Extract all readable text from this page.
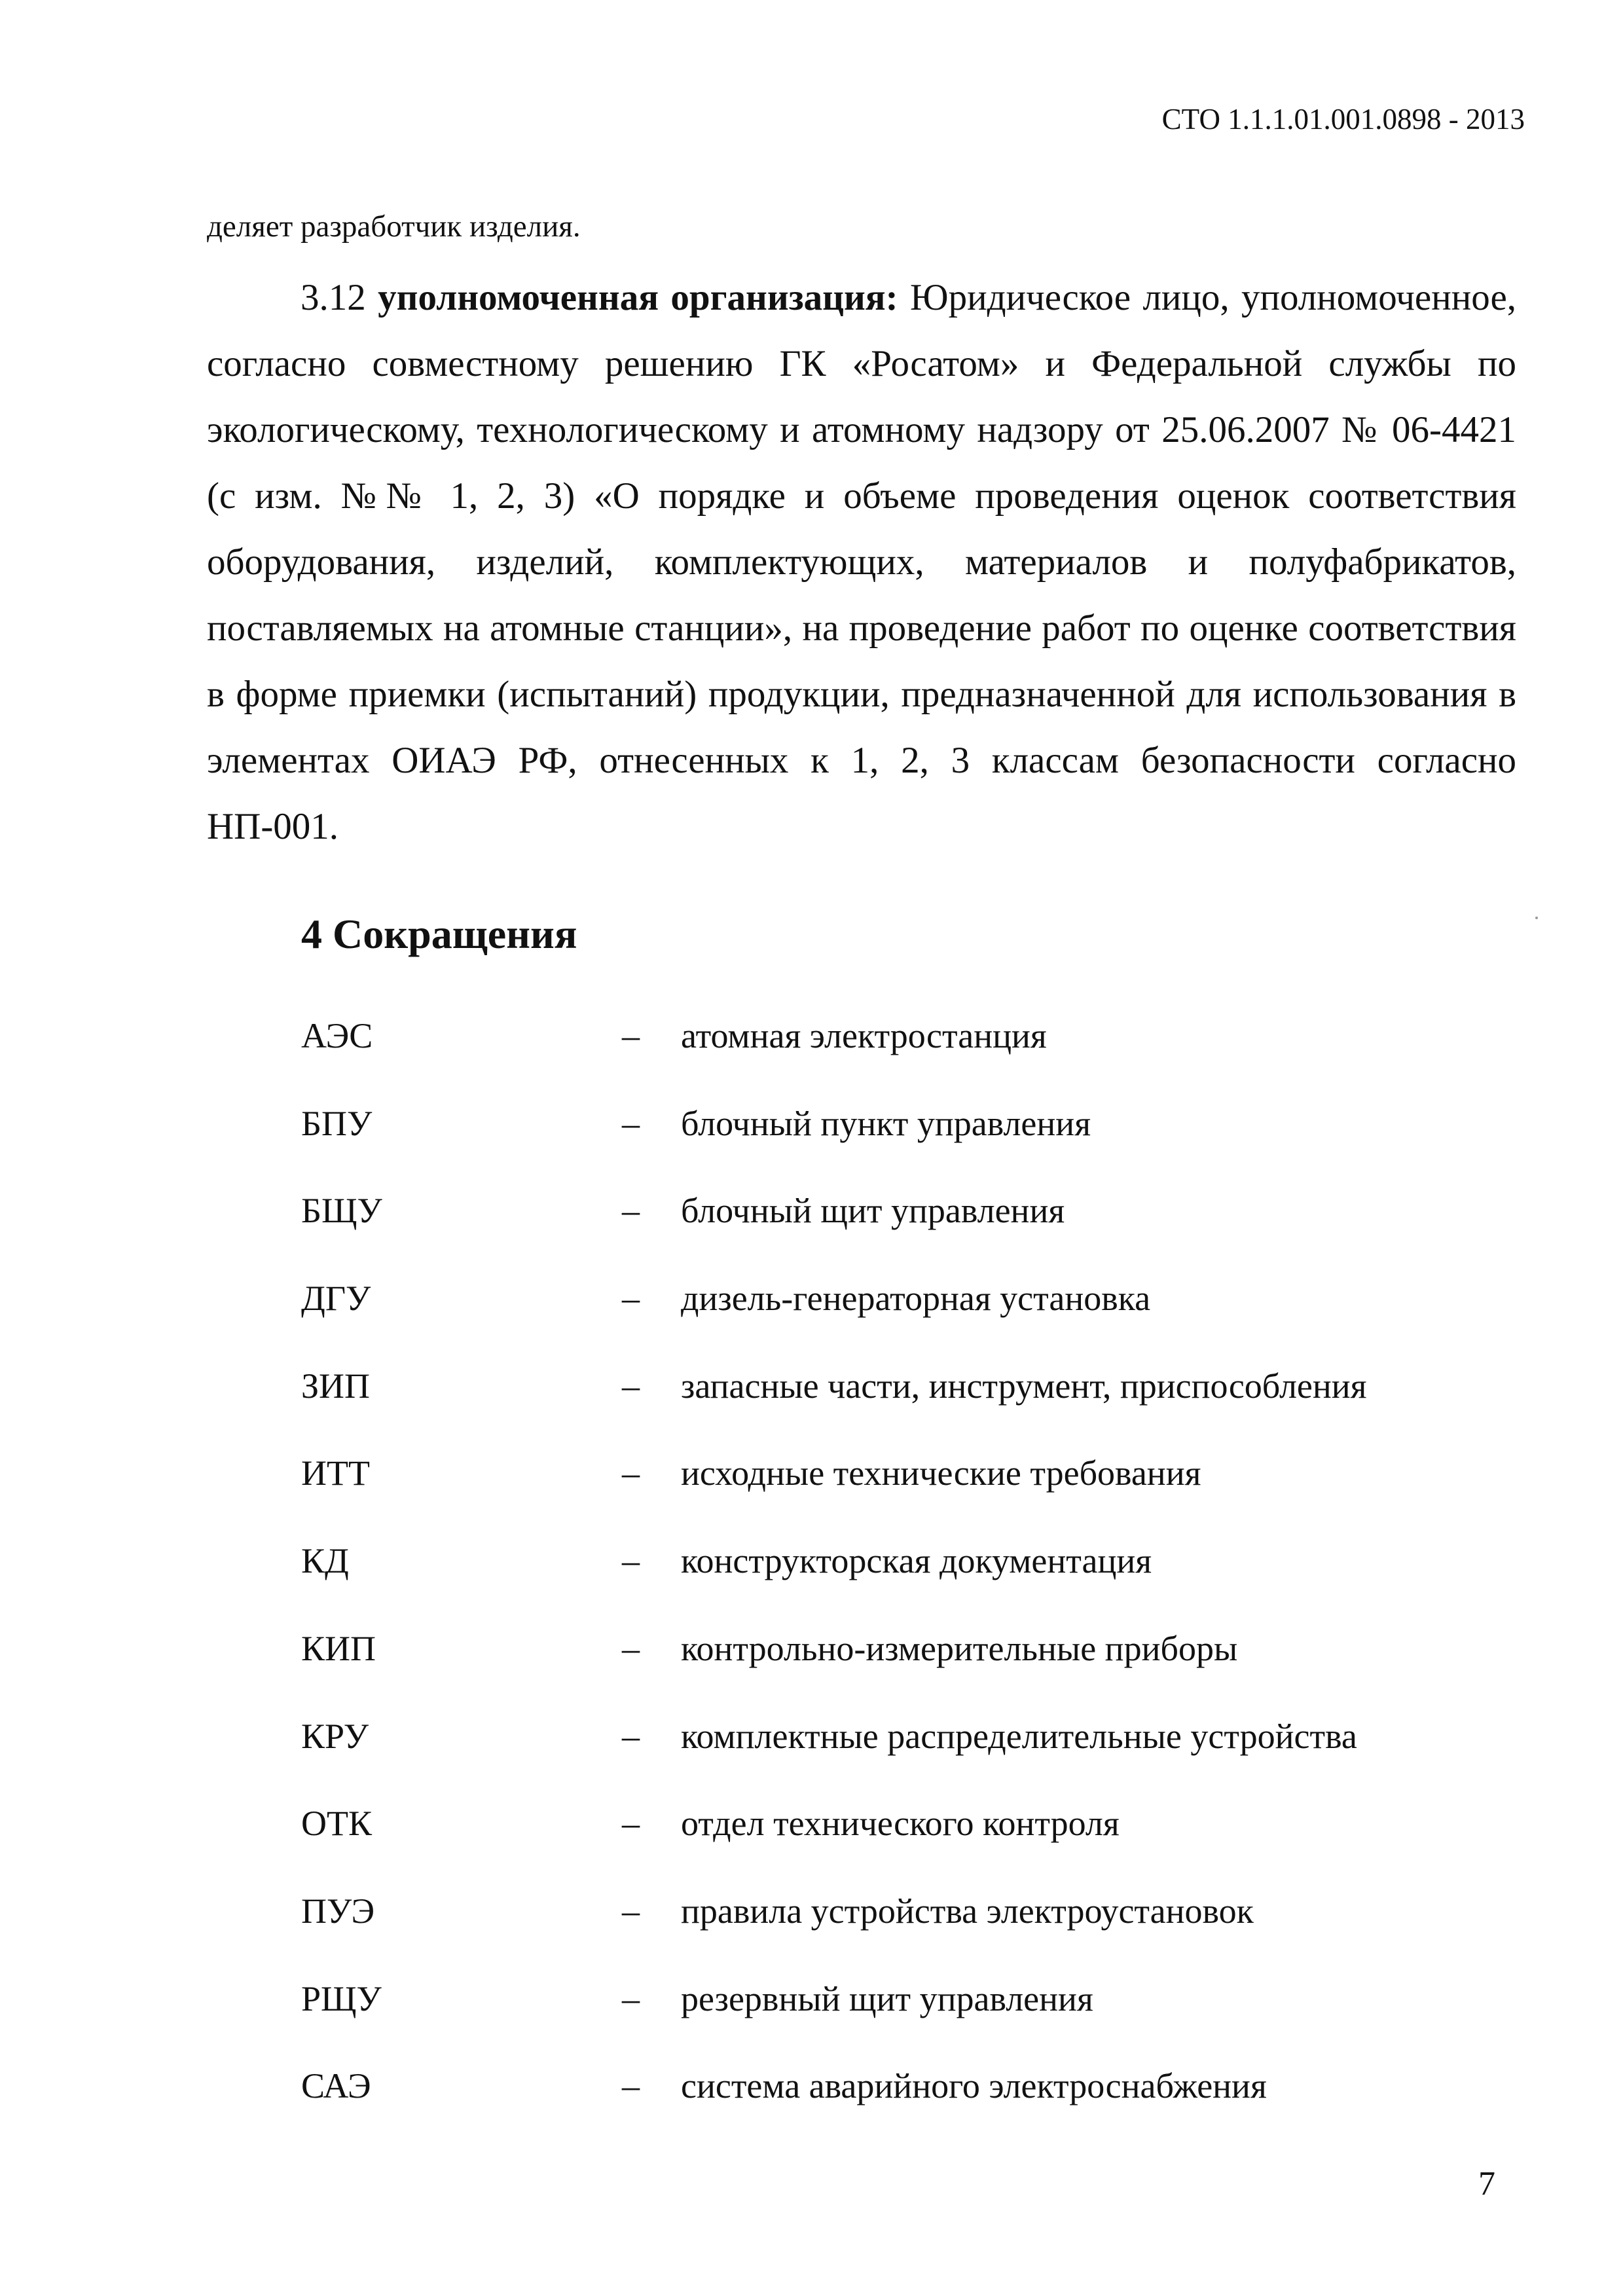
СТО 1.1.1.01.001.0898 - 2013
деляет разработчик изделия.

3.12 уполномоченная организация: Юридическое лицо, уполномоченное, согласно совместному решению ГК «Росатом» и Федеральной службы по экологическому, технологическому и атомному надзору от 25.06.2007 № 06-4421 (с изм. №№ 1, 2, 3) «О порядке и объеме проведения оценок соответствия оборудования, изделий, комплектующих, материалов и полуфабрикатов, поставляемых на атомные станции», на проведение работ по оценке соответствия в форме приемки (испытаний) продукции, предназначенной для использования в элементах ОИАЭ РФ, отнесенных к 1, 2, 3 классам безопасности согласно НП-001.

4 Сокращения
АЭС	– атомная электростанция
БПУ	– блочный пункт управления
БЩУ	– блочный щит управления
ДГУ	– дизель-генераторная установка
ЗИП	– запасные части, инструмент, приспособления
ИТТ	– исходные технические требования
КД	– конструкторская документация
КИП	– контрольно-измерительные приборы
КРУ	– комплектные распределительные устройства
ОТК	– отдел технического контроля
ПУЭ	– правила устройства электроустановок
РЩУ	– резервный щит управления
САЭ	– система аварийного электроснабжения
7
